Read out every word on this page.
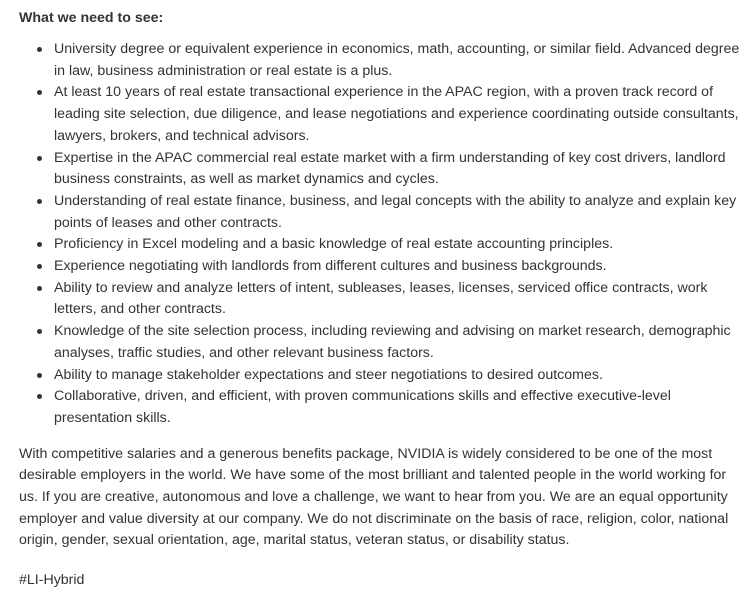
What we need to see:

University degree or equivalent experience in economics, math, accounting, or similar field. Advanced degree in law, business administration or real estate is a plus.
At least 10 years of real estate transactional experience in the APAC region, with a proven track record of leading site selection, due diligence, and lease negotiations and experience coordinating outside consultants, lawyers, brokers, and technical advisors.
Expertise in the APAC commercial real estate market with a firm understanding of key cost drivers, landlord business constraints, as well as market dynamics and cycles.
Understanding of real estate finance, business, and legal concepts with the ability to analyze and explain key points of leases and other contracts.
Proficiency in Excel modeling and a basic knowledge of real estate accounting principles.
Experience negotiating with landlords from different cultures and business backgrounds.
Ability to review and analyze letters of intent, subleases, leases, licenses, serviced office contracts, work letters, and other contracts.
Knowledge of the site selection process, including reviewing and advising on market research, demographic analyses, traffic studies, and other relevant business factors.
Ability to manage stakeholder expectations and steer negotiations to desired outcomes.
Collaborative, driven, and efficient, with proven communications skills and effective executive-level presentation skills.

With competitive salaries and a generous benefits package, NVIDIA is widely considered to be one of the most desirable employers in the world. We have some of the most brilliant and talented people in the world working for us. If you are creative, autonomous and love a challenge, we want to hear from you. We are an equal opportunity employer and value diversity at our company. We do not discriminate on the basis of race, religion, color, national origin, gender, sexual orientation, age, marital status, veteran status, or disability status.

#LI-Hybrid
